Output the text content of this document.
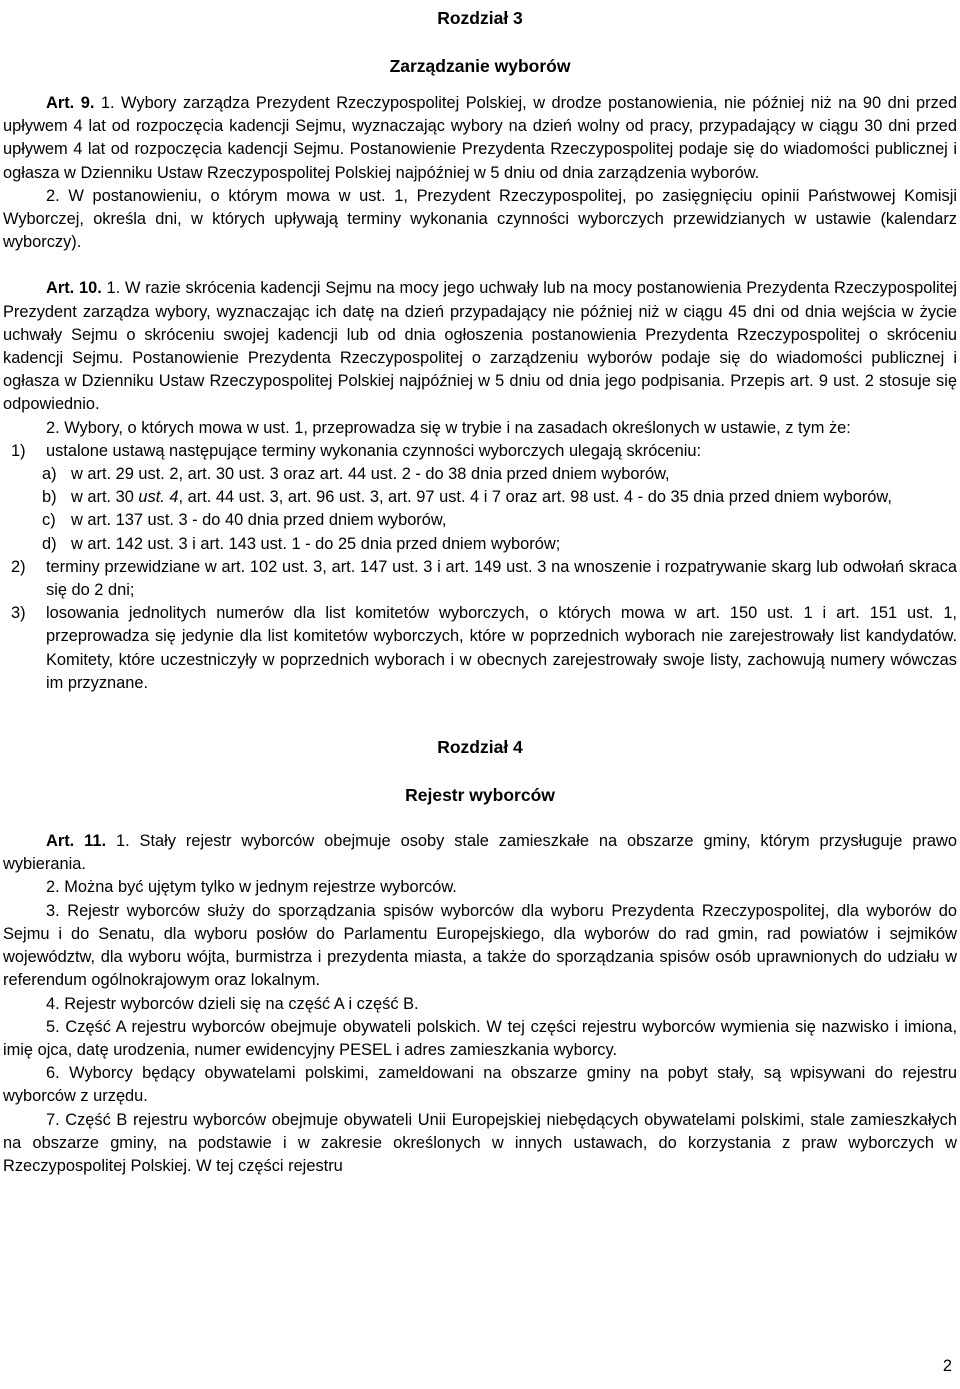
Rozdział 3
Zarządzanie wyborów

Art. 9. 1. Wybory zarządza Prezydent Rzeczypospolitej Polskiej, w drodze postanowienia, nie później niż na 90 dni przed upływem 4 lat od rozpoczęcia kadencji Sejmu, wyznaczając wybory na dzień wolny od pracy, przypadający w ciągu 30 dni przed upływem 4 lat od rozpoczęcia kadencji Sejmu. Postanowienie Prezydenta Rzeczypospolitej podaje się do wiadomości publicznej i ogłasza w Dzienniku Ustaw Rzeczypospolitej Polskiej najpóźniej w 5 dniu od dnia zarządzenia wyborów.

2. W postanowieniu, o którym mowa w ust. 1, Prezydent Rzeczypospolitej, po zasięgnięciu opinii Państwowej Komisji Wyborczej, określa dni, w których upływają terminy wykonania czynności wyborczych przewidzianych w ustawie (kalendarz wyborczy).

Art. 10. 1. W razie skrócenia kadencji Sejmu na mocy jego uchwały lub na mocy postanowienia Prezydenta Rzeczypospolitej Prezydent zarządza wybory, wyznaczając ich datę na dzień przypadający nie później niż w ciągu 45 dni od dnia wejścia w życie uchwały Sejmu o skróceniu swojej kadencji lub od dnia ogłoszenia postanowienia Prezydenta Rzeczypospolitej o skróceniu kadencji Sejmu. Postanowienie Prezydenta Rzeczypospolitej o zarządzeniu wyborów podaje się do wiadomości publicznej i ogłasza w Dzienniku Ustaw Rzeczypospolitej Polskiej najpóźniej w 5 dniu od dnia jego podpisania. Przepis art. 9 ust. 2 stosuje się odpowiednio.

2. Wybory, o których mowa w ust. 1, przeprowadza się w trybie i na zasadach określonych w ustawie, z tym że:

1) ustalone ustawą następujące terminy wykonania czynności wyborczych ulegają skróceniu:
a) w art. 29 ust. 2, art. 30 ust. 3 oraz art. 44 ust. 2 - do 38 dnia przed dniem wyborów,
b) w art. 30 ust. 4, art. 44 ust. 3, art. 96 ust. 3, art. 97 ust. 4 i 7 oraz art. 98 ust. 4 - do 35 dnia przed dniem wyborów,
c) w art. 137 ust. 3 - do 40 dnia przed dniem wyborów,
d) w art. 142 ust. 3 i art. 143 ust. 1 - do 25 dnia przed dniem wyborów;
2) terminy przewidziane w art. 102 ust. 3, art. 147 ust. 3 i art. 149 ust. 3 na wnoszenie i rozpatrywanie skarg lub odwołań skraca się do 2 dni;
3) losowania jednolitych numerów dla list komitetów wyborczych, o których mowa w art. 150 ust. 1 i art. 151 ust. 1, przeprowadza się jedynie dla list komitetów wyborczych, które w poprzednich wyborach nie zarejestrowały list kandydatów. Komitety, które uczestniczyły w poprzednich wyborach i w obecnych zarejestrowały swoje listy, zachowują numery wówczas im przyznane.
Rozdział 4
Rejestr wyborców

Art. 11. 1. Stały rejestr wyborców obejmuje osoby stale zamieszkałe na obszarze gminy, którym przysługuje prawo wybierania.

2. Można być ujętym tylko w jednym rejestrze wyborców.

3. Rejestr wyborców służy do sporządzania spisów wyborców dla wyboru Prezydenta Rzeczypospolitej, dla wyborów do Sejmu i do Senatu, dla wyboru posłów do Parlamentu Europejskiego, dla wyborów do rad gmin, rad powiatów i sejmików województw, dla wyboru wójta, burmistrza i prezydenta miasta, a także do sporządzania spisów osób uprawnionych do udziału w referendum ogólnokrajowym oraz lokalnym.

4. Rejestr wyborców dzieli się na część A i część B.

5. Część A rejestru wyborców obejmuje obywateli polskich. W tej części rejestru wyborców wymienia się nazwisko i imiona, imię ojca, datę urodzenia, numer ewidencyjny PESEL i adres zamieszkania wyborcy.

6. Wyborcy będący obywatelami polskimi, zameldowani na obszarze gminy na pobyt stały, są wpisywani do rejestru wyborców z urzędu.

7. Część B rejestru wyborców obejmuje obywateli Unii Europejskiej niebędących obywatelami polskimi, stale zamieszkałych na obszarze gminy, na podstawie i w zakresie określonych w innych ustawach, do korzystania z praw wyborczych w Rzeczypospolitej Polskiej. W tej części rejestru

2
